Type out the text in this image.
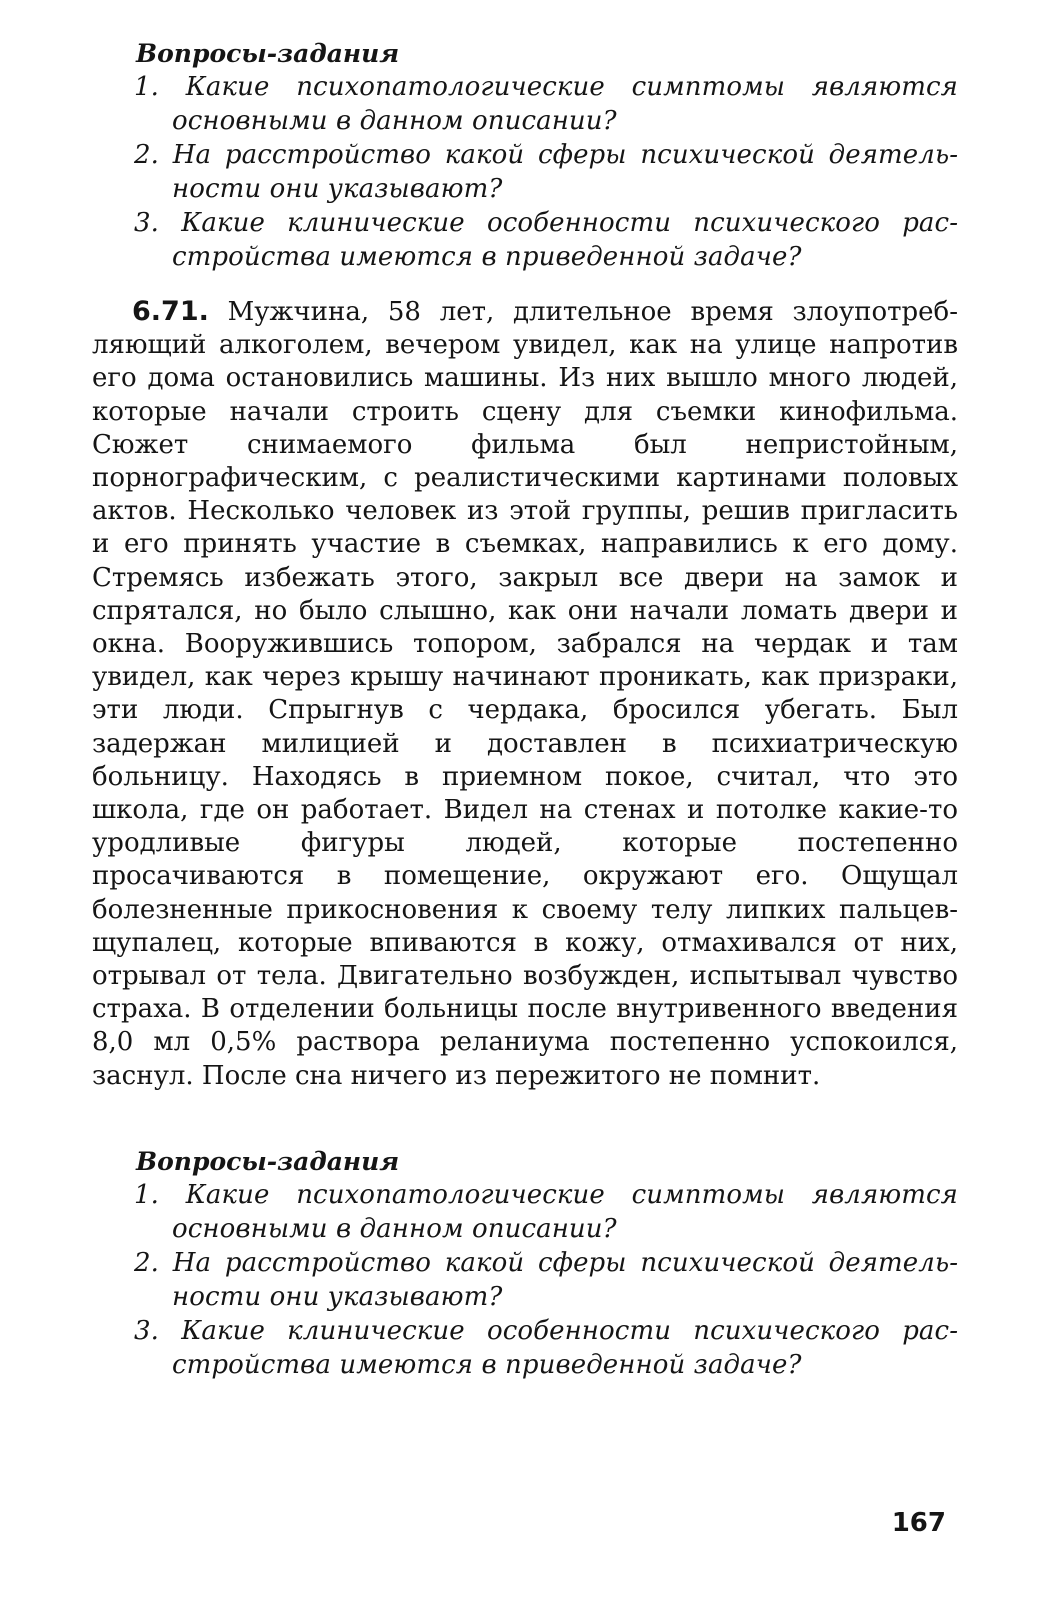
Вопросы-задания

1. Какие психопатологические симптомы являются основными в данном описании?
2. На расстройство какой сферы психической деятельности они указывают?
3. Какие клинические особенности психического расстройства имеются в приведенной задаче?

6.71. Мужчина, 58 лет, длительное время злоупотребляющий алкоголем, вечером увидел, как на улице напротив его дома остановились машины. Из них вышло много людей, которые начали строить сцену для съемки кинофильма. Сюжет снимаемого фильма был непристойным, порнографическим, с реалистическими картинами половых актов. Несколько человек из этой группы, решив пригласить и его принять участие в съемках, направились к его дому. Стремясь избежать этого, закрыл все двери на замок и спрятался, но было слышно, как они начали ломать двери и окна. Вооружившись топором, забрался на чердак и там увидел, как через крышу начинают проникать, как призраки, эти люди. Спрыгнув с чердака, бросился убегать. Был задержан милицией и доставлен в психиатрическую больницу. Находясь в приемном покое, считал, что это школа, где он работает. Видел на стенах и потолке какие-то уродливые фигуры людей, которые постепенно просачиваются в помещение, окружают его. Ощущал болезненные прикосновения к своему телу липких пальцев-щупалец, которые впиваются в кожу, отмахивался от них, отрывал от тела. Двигательно возбужден, испытывал чувство страха. В отделении больницы после внутривенного введения 8,0 мл 0,5% раствора реланиума постепенно успокоился, заснул. После сна ничего из пережитого не помнит.

Вопросы-задания

1. Какие психопатологические симптомы являются основными в данном описании?
2. На расстройство какой сферы психической деятельности они указывают?
3. Какие клинические особенности психического расстройства имеются в приведенной задаче?
167
